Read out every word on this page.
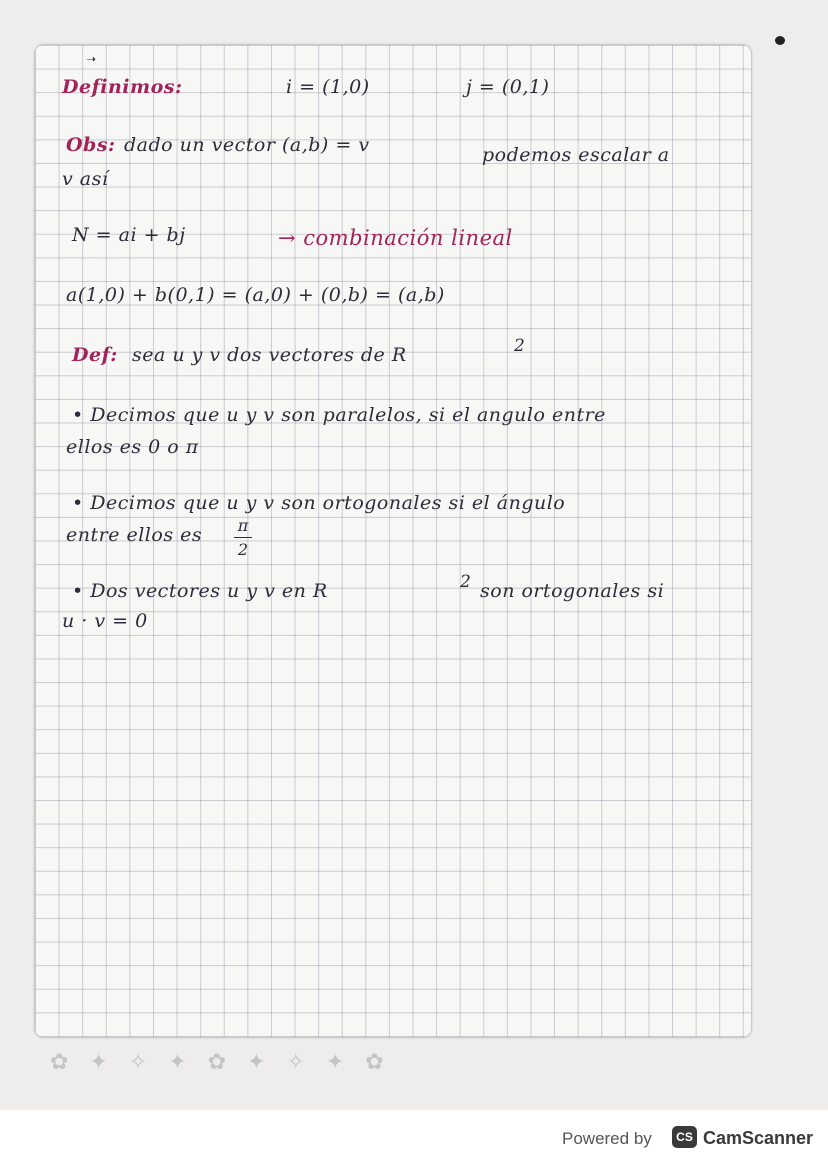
➝
Definimos:	i = (1,0)	j = (0,1)
Obs: dado un vector (a,b) = v	podemos escalar a
v así
N = ai + bj	→ combinación lineal
a(1,0) + b(0,1) = (a,0) + (0,b) = (a,b)
Def: sea u y v dos vectores de R	2
• Decimos que u y v son paralelos, si el angulo entre
ellos es 0 o π
• Decimos que u y v son ortogonales si el ángulo
entre ellos es π
2
• Dos vectores u y v en R	2 son ortogonales si
u · v = 0
✿   ✦   ✧   ✦   ✿   ✦   ✧   ✦   ✿
Powered by	CS CamScanner
